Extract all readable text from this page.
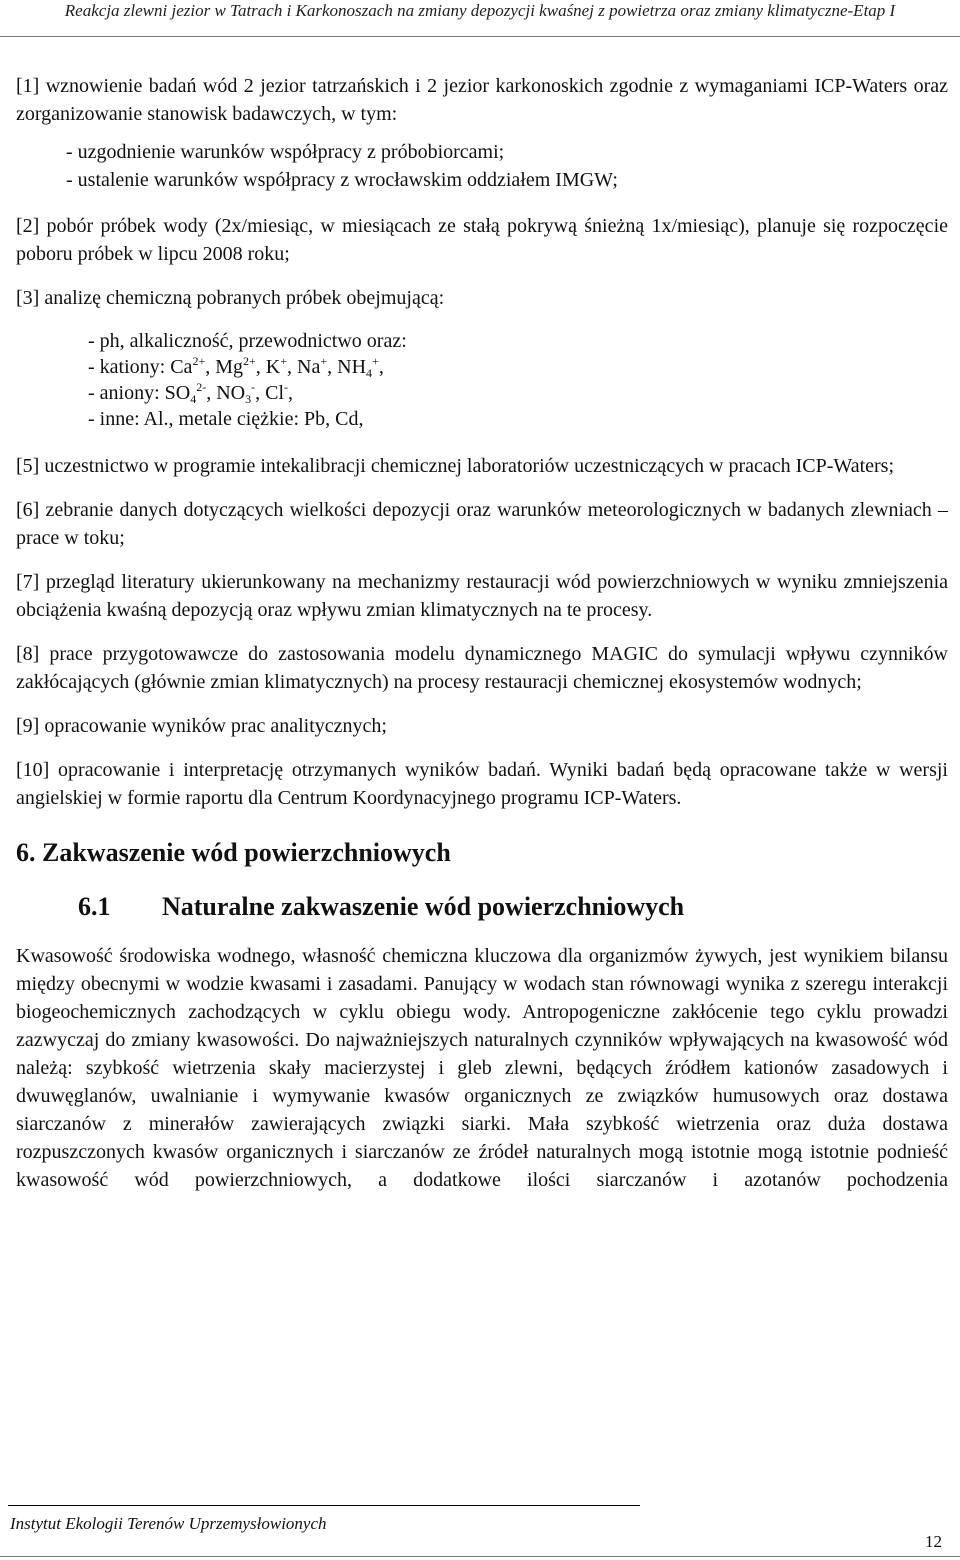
Reakcja zlewni jezior w Tatrach i Karkonoszach na zmiany depozycji kwaśnej z powietrza oraz zmiany klimatyczne-Etap I

[1] wznowienie badań wód 2 jezior tatrzańskich i 2 jezior karkonoskich zgodnie z wymaganiami ICP-Waters oraz zorganizowanie stanowisk badawczych, w tym:

- uzgodnienie warunków współpracy z próbobiorcami;

- ustalenie warunków współpracy z wrocławskim oddziałem IMGW;

[2] pobór próbek wody (2x/miesiąc, w miesiącach ze stałą pokrywą śnieżną 1x/miesiąc), planuje się rozpoczęcie poboru próbek w lipcu 2008 roku;

[3] analizę chemiczną pobranych próbek obejmującą:

- ph, alkaliczność, przewodnictwo oraz:

- kationy: $Ca^{2+}$, $Mg^{2+}$, K+, Na+, $NH_4^+$,

- aniony: $SO_4^{2-}$, $NO_3^-$, Cl-,

- inne: Al., metale ciężkie: Pb, Cd,

[5] uczestnictwo w programie intekalibracji chemicznej laboratoriów uczestniczących w pracach ICP-Waters;

[6] zebranie danych dotyczących wielkości depozycji oraz warunków meteorologicznych w badanych zlewniach – prace w toku;

[7] przegląd literatury ukierunkowany na mechanizmy restauracji wód powierzchniowych w wyniku zmniejszenia obciążenia kwaśną depozycją oraz wpływu zmian klimatycznych na te procesy.

[8] prace przygotowawcze do zastosowania modelu dynamicznego MAGIC do symulacji wpływu czynników zakłócających (głównie zmian klimatycznych) na procesy restauracji chemicznej ekosystemów wodnych;

[9] opracowanie wyników prac analitycznych;

[10] opracowanie i interpretację otrzymanych wyników badań. Wyniki badań będą opracowane także w wersji angielskiej w formie raportu dla Centrum Koordynacyjnego programu ICP-Waters.

6. Zakwaszenie wód powierzchniowych
6.1 Naturalne zakwaszenie wód powierzchniowych

Kwasowość środowiska wodnego, własność chemiczna kluczowa dla organizmów żywych, jest wynikiem bilansu między obecnymi w wodzie kwasami i zasadami. Panujący w wodach stan równowagi wynika z szeregu interakcji biogeochemicznych zachodzących w cyklu obiegu wody. Antropogeniczne zakłócenie tego cyklu prowadzi zazwyczaj do zmiany kwasowości. Do najważniejszych naturalnych czynników wpływających na kwasowość wód należą: szybkość wietrzenia skały macierzystej i gleb zlewni, będących źródłem kationów zasadowych i dwuwęglanów, uwalnianie i wymywanie kwasów organicznych ze związków humusowych oraz dostawa siarczanów z minerałów zawierających związki siarki. Mała szybkość wietrzenia oraz duża dostawa rozpuszczonych kwasów organicznych i siarczanów ze źródeł naturalnych mogą istotnie mogą istotnie podnieść kwasowość wód powierzchniowych, a dodatkowe ilości siarczanów i azotanów pochodzenia

Instytut Ekologii Terenów Uprzemysłowionych
12
